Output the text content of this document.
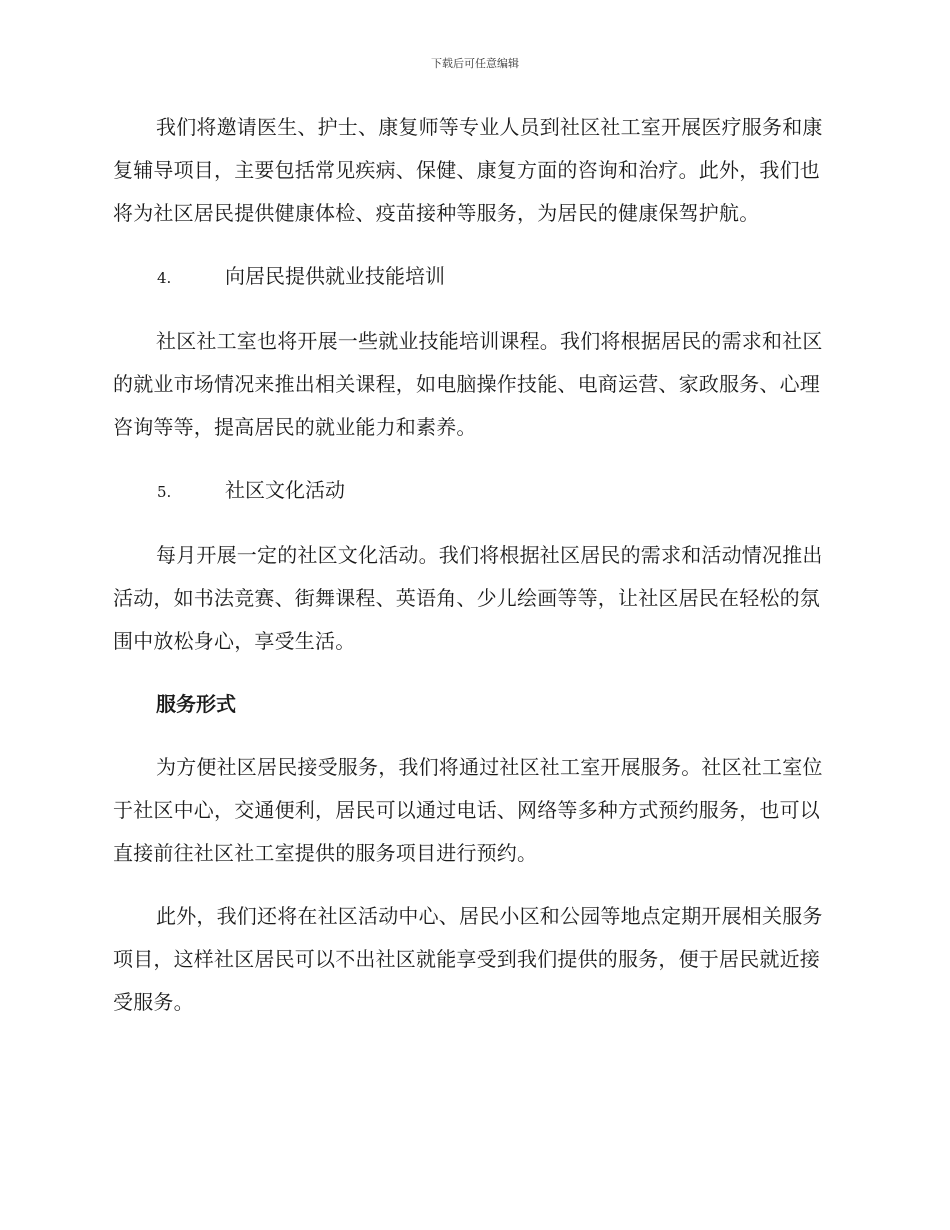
下载后可任意编辑

我们将邀请医生、护士、康复师等专业人员到社区社工室开展医疗服务和康复辅导项目，主要包括常见疾病、保健、康复方面的咨询和治疗。此外，我们也将为社区居民提供健康体检、疫苗接种等服务，为居民的健康保驾护航。

4.	向居民提供就业技能培训

社区社工室也将开展一些就业技能培训课程。我们将根据居民的需求和社区的就业市场情况来推出相关课程，如电脑操作技能、电商运营、家政服务、心理咨询等等，提高居民的就业能力和素养。

5.	社区文化活动

每月开展一定的社区文化活动。我们将根据社区居民的需求和活动情况推出活动，如书法竞赛、街舞课程、英语角、少儿绘画等等，让社区居民在轻松的氛围中放松身心，享受生活。

服务形式

为方便社区居民接受服务，我们将通过社区社工室开展服务。社区社工室位于社区中心，交通便利，居民可以通过电话、网络等多种方式预约服务，也可以直接前往社区社工室提供的服务项目进行预约。

此外，我们还将在社区活动中心、居民小区和公园等地点定期开展相关服务项目，这样社区居民可以不出社区就能享受到我们提供的服务，便于居民就近接受服务。
